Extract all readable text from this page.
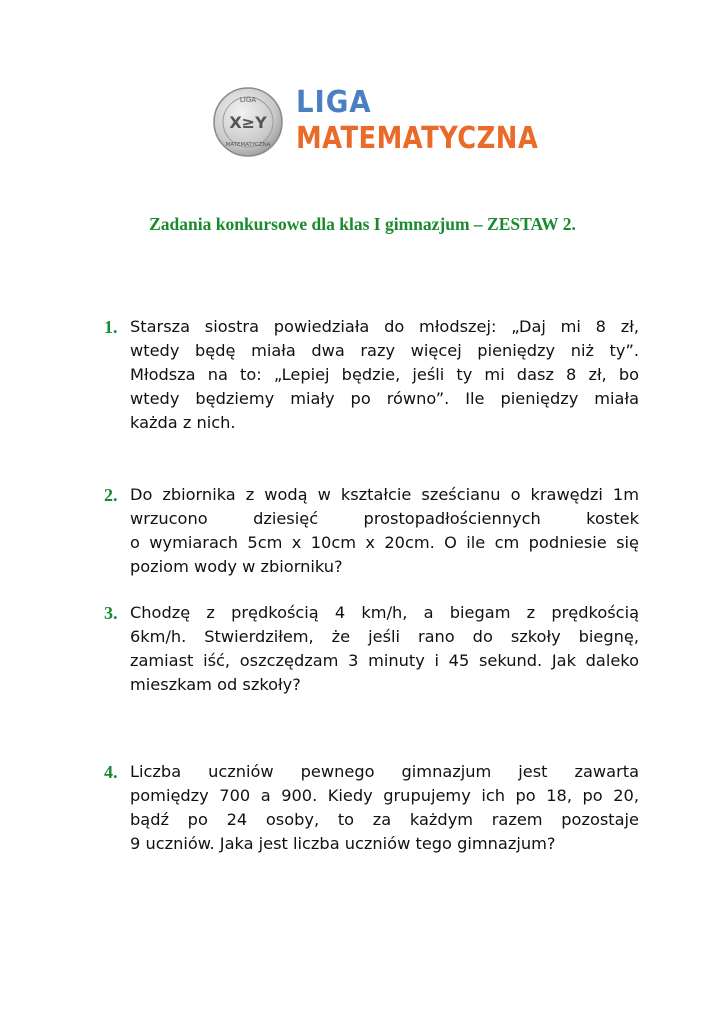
LIGA
X≥Y
MATEMATYCZNA
LIGA
MATEMATYCZNA
Zadania konkursowe dla klas I gimnazjum – ZESTAW 2.
1. Starsza siostra powiedziała do młodszej: „Daj mi 8 zł,
wtedy będę miała dwa razy więcej pieniędzy niż ty”.
Młodsza na to: „Lepiej będzie, jeśli ty mi dasz 8 zł, bo
wtedy będziemy miały po równo”. Ile pieniędzy miała
każda z nich.
2. Do zbiornika z wodą w kształcie sześcianu o krawędzi 1m
wrzucono dziesięć prostopadłościennych kostek
o wymiarach 5cm x 10cm x 20cm. O ile cm podniesie się
poziom wody w zbiorniku?
3. Chodzę z prędkością 4 km/h, a biegam z prędkością
6km/h. Stwierdziłem, że jeśli rano do szkoły biegnę,
zamiast iść, oszczędzam 3 minuty i 45 sekund. Jak daleko
mieszkam od szkoły?
4. Liczba uczniów pewnego gimnazjum jest zawarta
pomiędzy 700 a 900. Kiedy grupujemy ich po 18, po 20,
bądź po 24 osoby, to za każdym razem pozostaje
9 uczniów. Jaka jest liczba uczniów tego gimnazjum?
